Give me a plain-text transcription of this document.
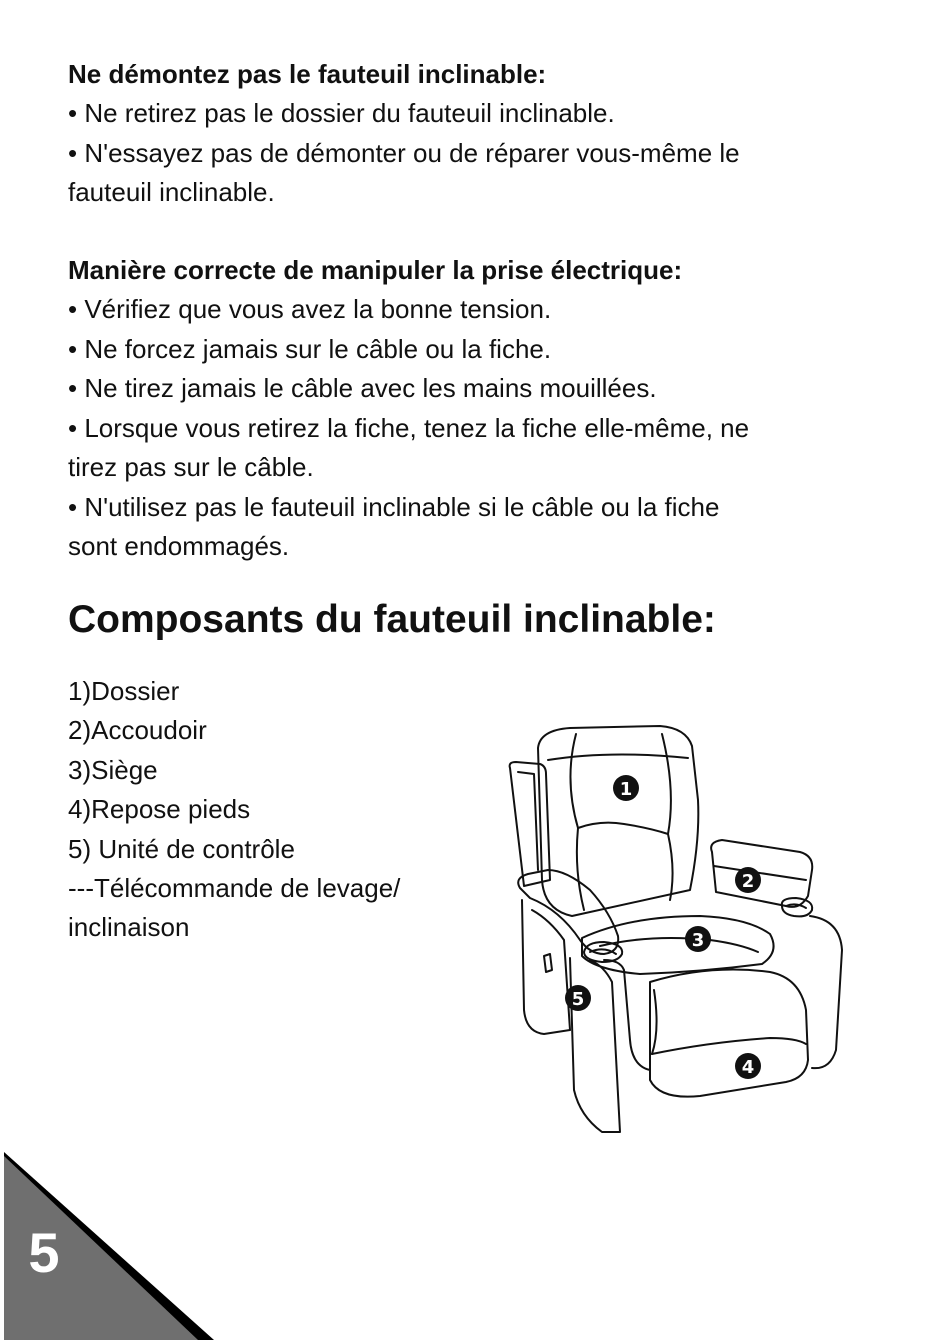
Ne démontez pas le fauteuil inclinable:

• Ne retirez pas le dossier du fauteuil inclinable.

• N'essayez pas de démonter ou de réparer vous-même le

fauteuil inclinable.

Manière correcte de manipuler la prise électrique:

• Vérifiez que vous avez la bonne tension.

• Ne forcez jamais sur le câble ou la fiche.

• Ne tirez jamais le câble avec les mains mouillées.

• Lorsque vous retirez la fiche, tenez la fiche elle-même, ne

tirez pas sur le câble.

• N'utilisez pas le fauteuil inclinable si le câble ou la fiche

sont endommagés.

Composants du fauteuil inclinable:

1)Dossier

2)Accoudoir

3)Siège

4)Repose pieds

5) Unité de contrôle

---Télécommande de levage/

inclinaison

1
2
3
4
5
5
